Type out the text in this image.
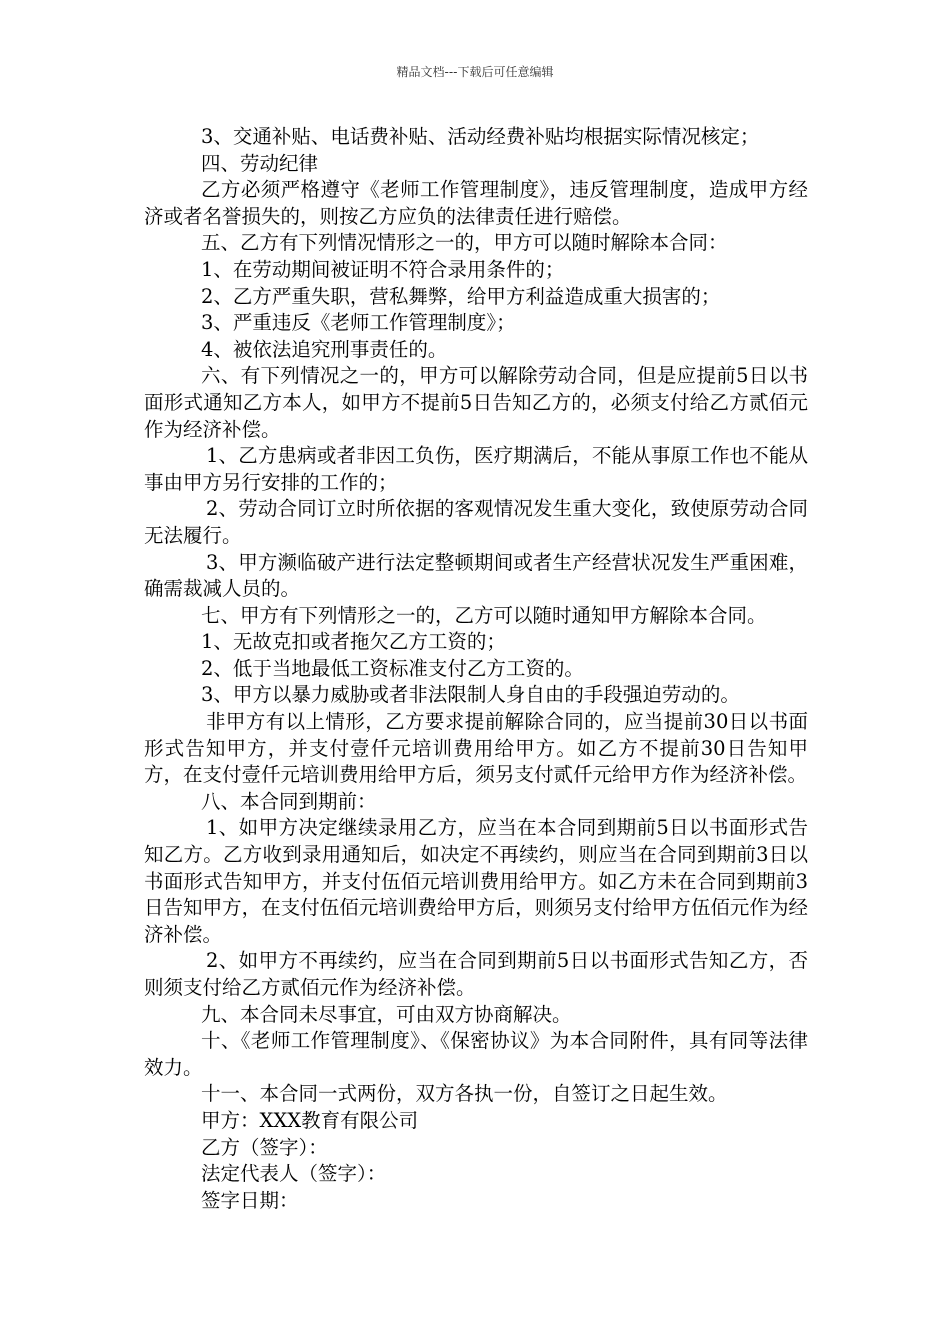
精品文档---下载后可任意编辑

3、交通补贴、电话费补贴、活动经费补贴均根据实际情况核定；

四、劳动纪律

乙方必须严格遵守《老师工作管理制度》，违反管理制度，造成甲方经济或者名誉损失的，则按乙方应负的法律责任进行赔偿。

五、乙方有下列情况情形之一的，甲方可以随时解除本合同：

1、在劳动期间被证明不符合录用条件的；

2、乙方严重失职，营私舞弊，给甲方利益造成重大损害的；

3、严重违反《老师工作管理制度》；

4、被依法追究刑事责任的。

六、有下列情况之一的，甲方可以解除劳动合同，但是应提前5日以书面形式通知乙方本人，如甲方不提前5日告知乙方的，必须支付给乙方贰佰元作为经济补偿。

1、乙方患病或者非因工负伤，医疗期满后，不能从事原工作也不能从事由甲方另行安排的工作的；

2、劳动合同订立时所依据的客观情况发生重大变化，致使原劳动合同无法履行。

3、甲方濒临破产进行法定整顿期间或者生产经营状况发生严重困难，确需裁减人员的。

七、甲方有下列情形之一的，乙方可以随时通知甲方解除本合同。

1、无故克扣或者拖欠乙方工资的；

2、低于当地最低工资标准支付乙方工资的。

3、甲方以暴力威胁或者非法限制人身自由的手段强迫劳动的。

非甲方有以上情形，乙方要求提前解除合同的，应当提前30日以书面形式告知甲方，并支付壹仟元培训费用给甲方。如乙方不提前30日告知甲方，在支付壹仟元培训费用给甲方后，须另支付贰仟元给甲方作为经济补偿。

八、本合同到期前：

1、如甲方决定继续录用乙方，应当在本合同到期前5日以书面形式告知乙方。乙方收到录用通知后，如决定不再续约，则应当在合同到期前3日以书面形式告知甲方，并支付伍佰元培训费用给甲方。如乙方未在合同到期前3日告知甲方，在支付伍佰元培训费给甲方后，则须另支付给甲方伍佰元作为经济补偿。

2、如甲方不再续约，应当在合同到期前5日以书面形式告知乙方，否则须支付给乙方贰佰元作为经济补偿。

九、本合同未尽事宜，可由双方协商解决。

十、《老师工作管理制度》、《保密协议》为本合同附件，具有同等法律效力。

十一、本合同一式两份，双方各执一份，自签订之日起生效。

甲方：XXX教育有限公司

乙方（签字）：

法定代表人（签字）：

签字日期：
